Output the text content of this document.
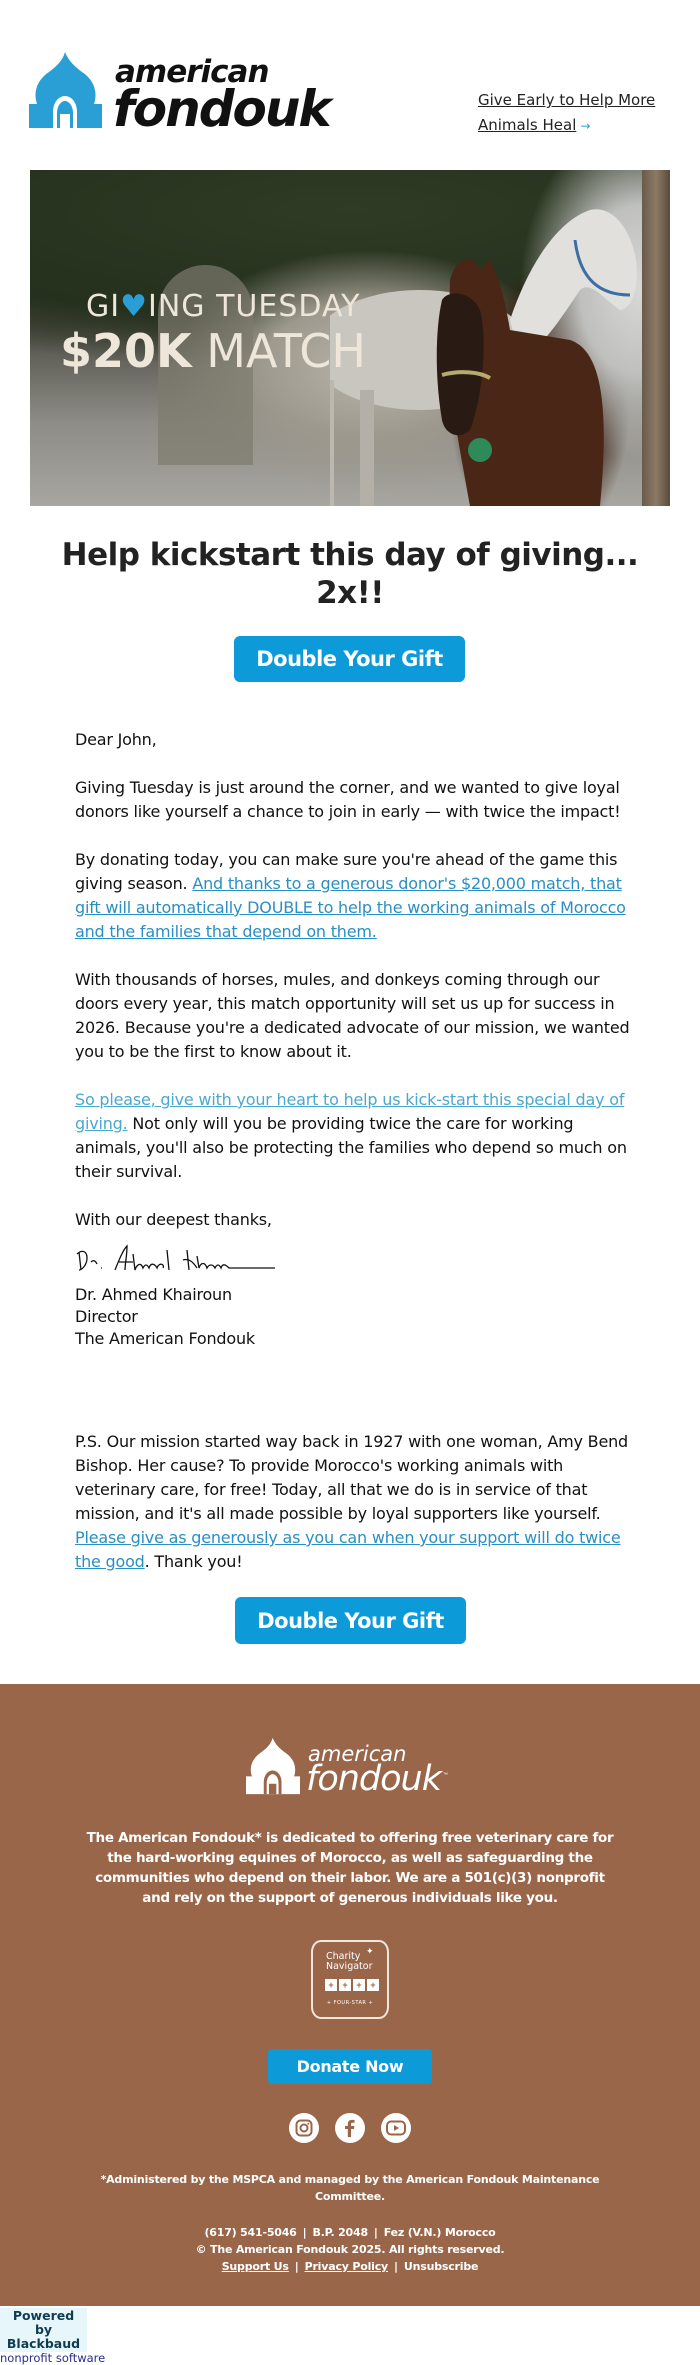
american
fondouk	Give Early to Help More
Animals Heal →
GI♥ING TUESDAY
$20K MATCH
Help kickstart this day of giving...
2x!!
Double Your Gift

Dear John,

Giving Tuesday is just around the corner, and we wanted to give loyal donors like yourself a chance to join in early — with twice the impact!

By donating today, you can make sure you're ahead of the game this giving season. And thanks to a generous donor's $20,000 match, that gift will automatically DOUBLE to help the working animals of Morocco and the families that depend on them.

With thousands of horses, mules, and donkeys coming through our doors every year, this match opportunity will set us up for success in 2026. Because you're a dedicated advocate of our mission, we wanted you to be the first to know about it.

So please, give with your heart to help us kick-start this special day of giving. Not only will you be providing twice the care for working animals, you'll also be protecting the families who depend so much on their survival.

With our deepest thanks,

Dr. Ahmed Khairoun
Director
The American Fondouk
P.S. Our mission started way back in 1927 with one woman, Amy Bend Bishop. Her cause? To provide Morocco's working animals with veterinary care, for free! Today, all that we do is in service of that mission, and it's all made possible by loyal supporters like yourself. Please give as generously as you can when your support will do twice the good. Thank you!
Double Your Gift
american
fondouk ™

The American Fondouk* is dedicated to offering free veterinary care for the hard-working equines of Morocco, as well as safeguarding the communities who depend on their labor. We are a 501(c)(3) nonprofit and rely on the support of generous individuals like you.

Charity
Navigator
✦
+ + + +
+ FOUR-STAR +
Donate Now

*Administered by the MSPCA and managed by the American Fondouk Maintenance Committee.

(617) 541-5046 | B.P. 2048 | Fez (V.N.) Morocco
© The American Fondouk 2025. All rights reserved.
Support Us | Privacy Policy | Unsubscribe
Powered by
Blackbaud
nonprofit software
